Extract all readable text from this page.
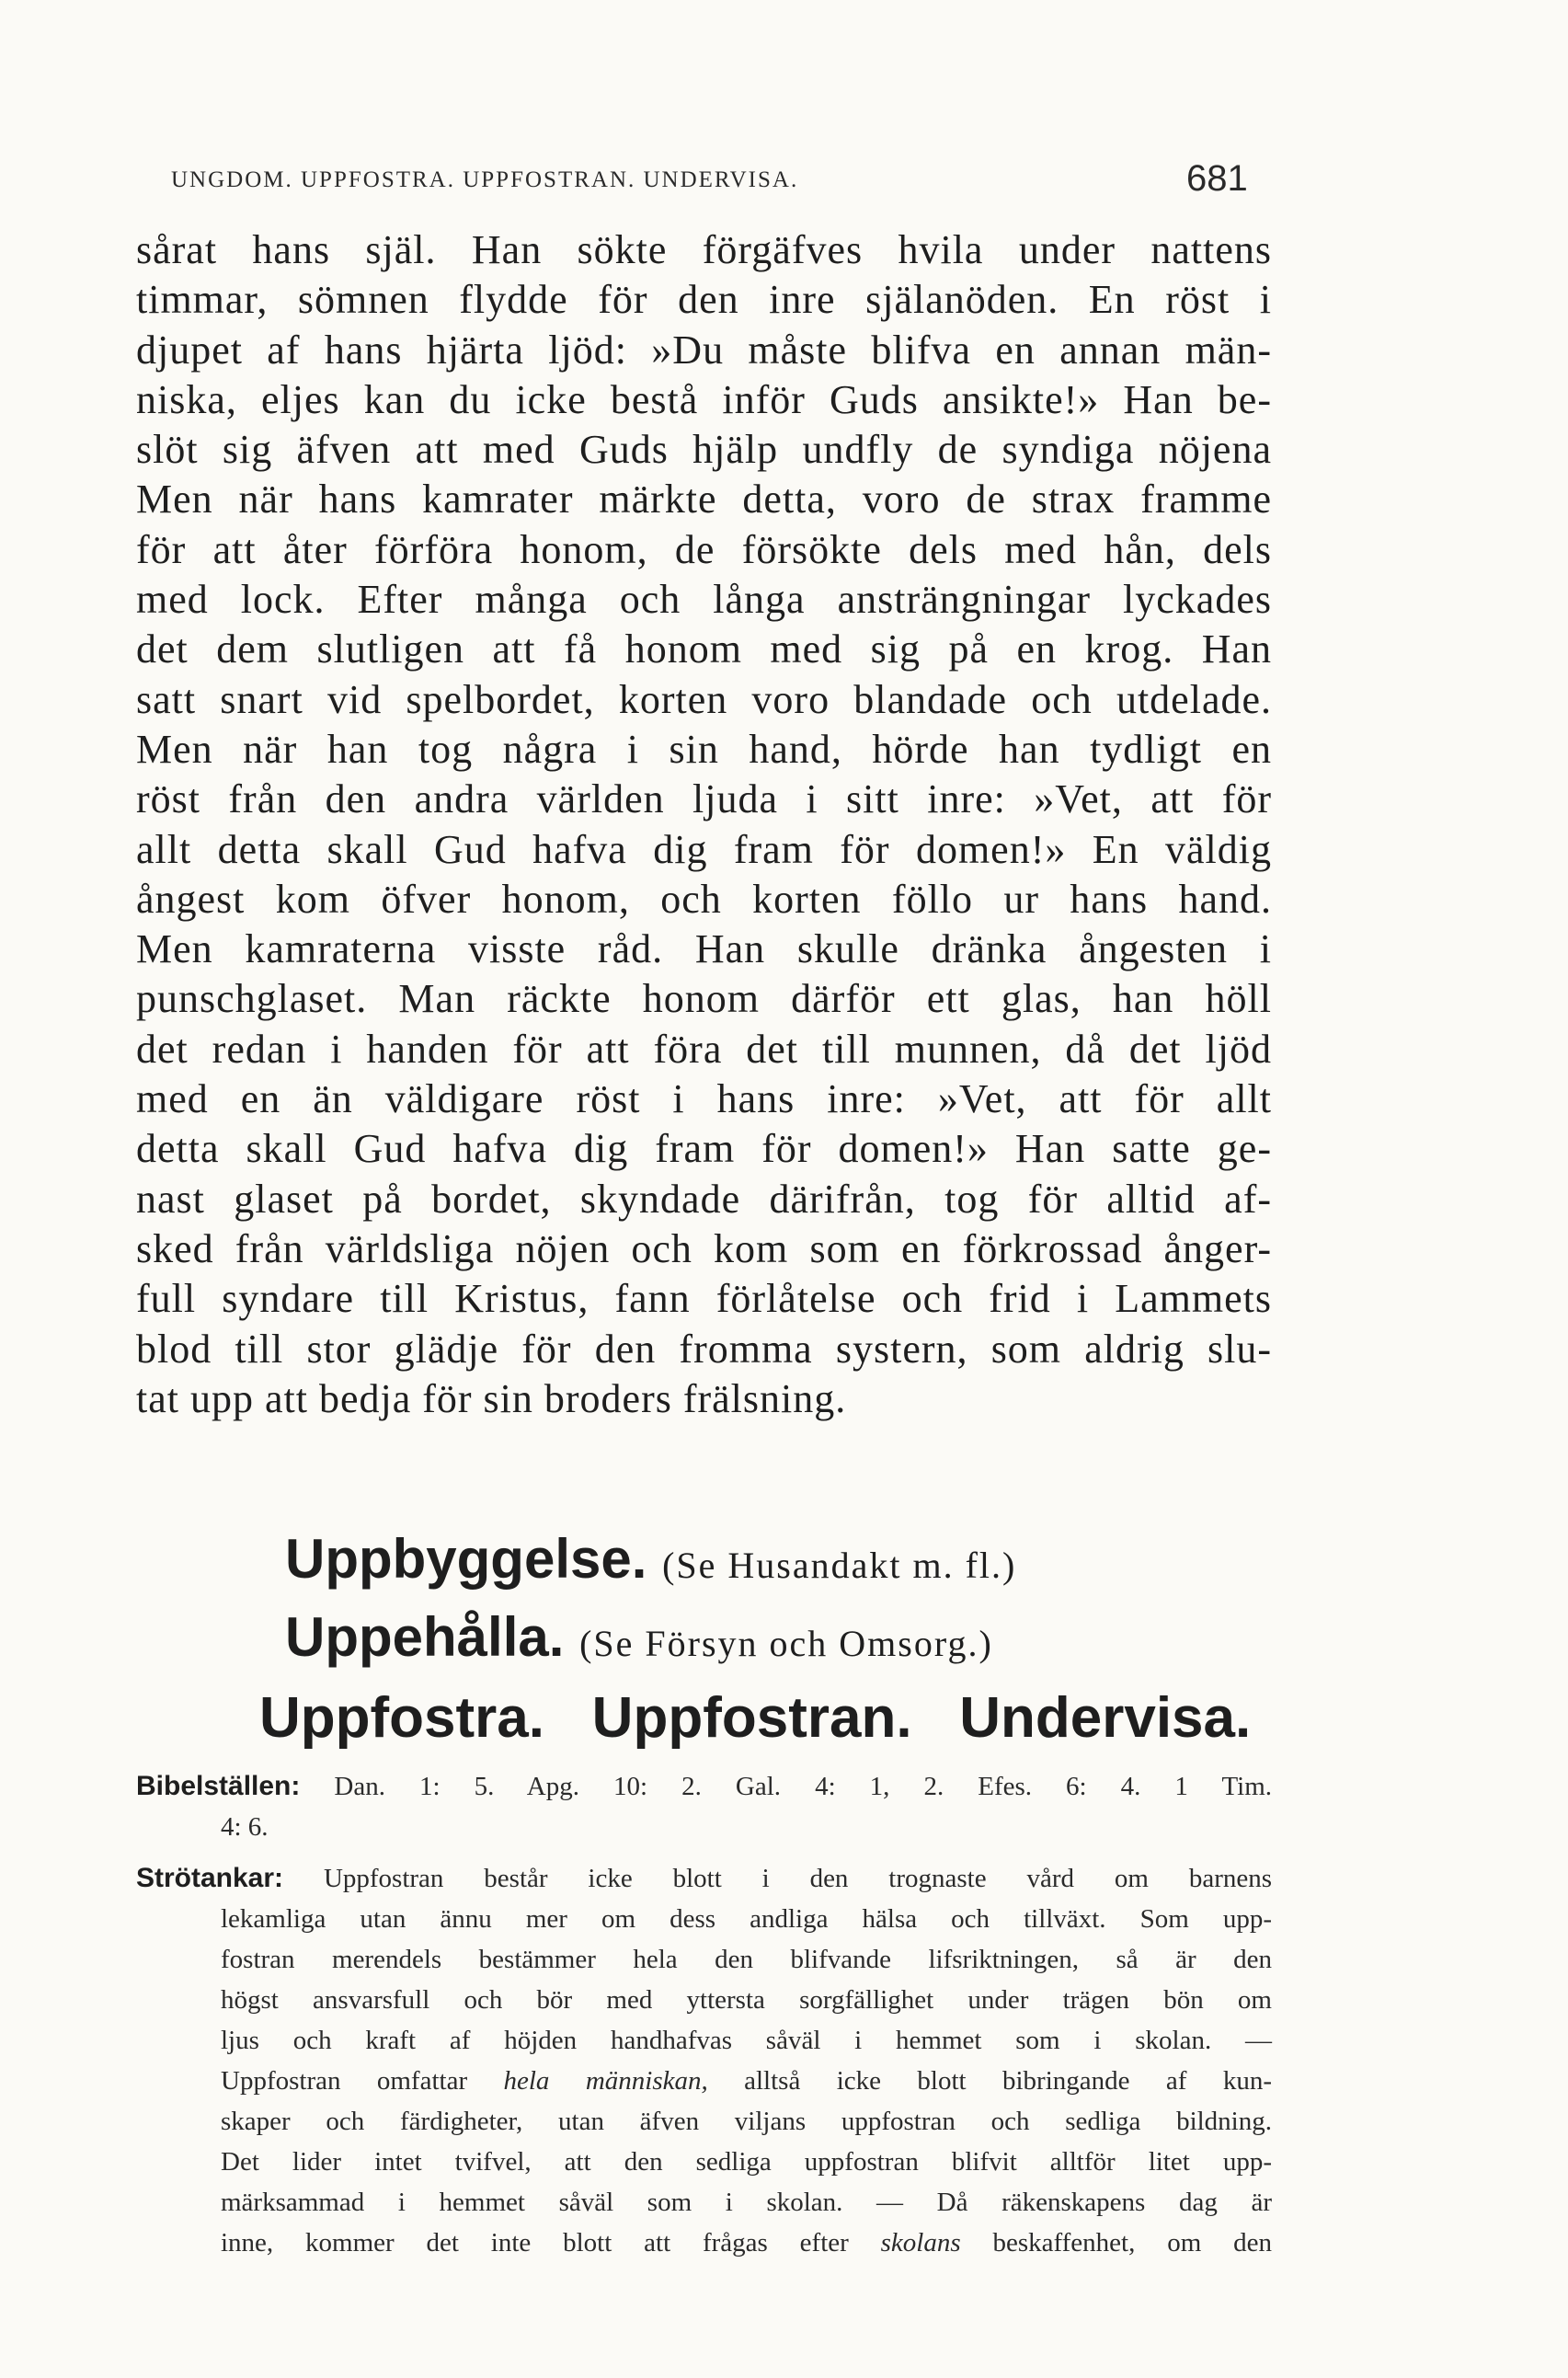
UNGDOM. UPPFOSTRA. UPPFOSTRAN. UNDERVISA.	681
sårat hans själ. Han sökte förgäfves hvila under nattens
timmar, sömnen flydde för den inre själanöden. En röst i
djupet af hans hjärta ljöd: »Du måste blifva en annan män-
niska, eljes kan du icke bestå inför Guds ansikte!» Han be-
slöt sig äfven att med Guds hjälp undfly de syndiga nöjena
Men när hans kamrater märkte detta, voro de strax framme
för att åter förföra honom, de försökte dels med hån, dels
med lock. Efter många och långa ansträngningar lyckades
det dem slutligen att få honom med sig på en krog. Han
satt snart vid spelbordet, korten voro blandade och utdelade.
Men när han tog några i sin hand, hörde han tydligt en
röst från den andra världen ljuda i sitt inre: »Vet, att för
allt detta skall Gud hafva dig fram för domen!» En väldig
ångest kom öfver honom, och korten föllo ur hans hand.
Men kamraterna visste råd. Han skulle dränka ångesten i
punschglaset. Man räckte honom därför ett glas, han höll
det redan i handen för att föra det till munnen, då det ljöd
med en än väldigare röst i hans inre: »Vet, att för allt
detta skall Gud hafva dig fram för domen!» Han satte ge-
nast glaset på bordet, skyndade därifrån, tog för alltid af-
sked från världsliga nöjen och kom som en förkrossad ånger-
full syndare till Kristus, fann förlåtelse och frid i Lammets
blod till stor glädje för den fromma systern, som aldrig slu-
tat upp att bedja för sin broders frälsning.
Uppbyggelse. (Se Husandakt m. fl.)
Uppehålla. (Se Försyn och Omsorg.)
Uppfostra.   Uppfostran.   Undervisa.
Bibelställen: Dan. 1: 5. Apg. 10: 2. Gal. 4: 1, 2. Efes. 6: 4. 1 Tim.
4: 6.
Strötankar: Uppfostran består icke blott i den trognaste vård om barnens
lekamliga utan ännu mer om dess andliga hälsa och tillväxt. Som upp-
fostran merendels bestämmer hela den blifvande lifsriktningen, så är den
högst ansvarsfull och bör med yttersta sorgfällighet under trägen bön om
ljus och kraft af höjden handhafvas såväl i hemmet som i skolan. —
Uppfostran omfattar hela människan, alltså icke blott bibringande af kun-
skaper och färdigheter, utan äfven viljans uppfostran och sedliga bildning.
Det lider intet tvifvel, att den sedliga uppfostran blifvit alltför litet upp-
märksammad i hemmet såväl som i skolan. — Då räkenskapens dag är
inne, kommer det inte blott att frågas efter skolans beskaffenhet, om den
